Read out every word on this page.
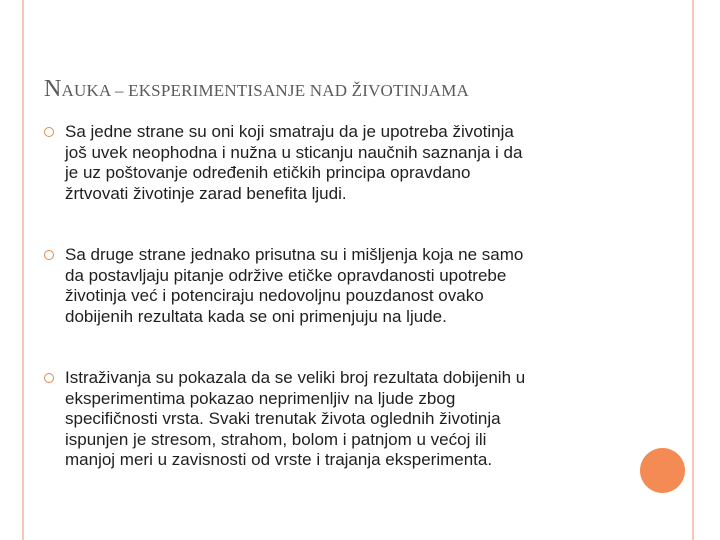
NAUKA – EKSPERIMENTISANJE NAD ŽIVOTINJAMA
Sa jedne strane su oni koji smatraju da je upotreba životinja
još uvek neophodna i nužna u sticanju naučnih saznanja i da
je uz poštovanje određenih etičkih principa opravdano
žrtvovati životinje zarad benefita ljudi.
Sa druge strane jednako prisutna su i mišljenja koja ne samo
da postavljaju pitanje održive etičke opravdanosti upotrebe
životinja već i potenciraju nedovoljnu pouzdanost ovako
dobijenih rezultata kada se oni primenjuju na ljude.
Istraživanja su pokazala da se veliki broj rezultata dobijenih u
eksperimentima pokazao neprimenljiv na ljude zbog
specifičnosti vrsta. Svaki trenutak života oglednih životinja
ispunjen je stresom, strahom, bolom i patnjom u većoj ili
manjoj meri u zavisnosti od vrste i trajanja eksperimenta.
